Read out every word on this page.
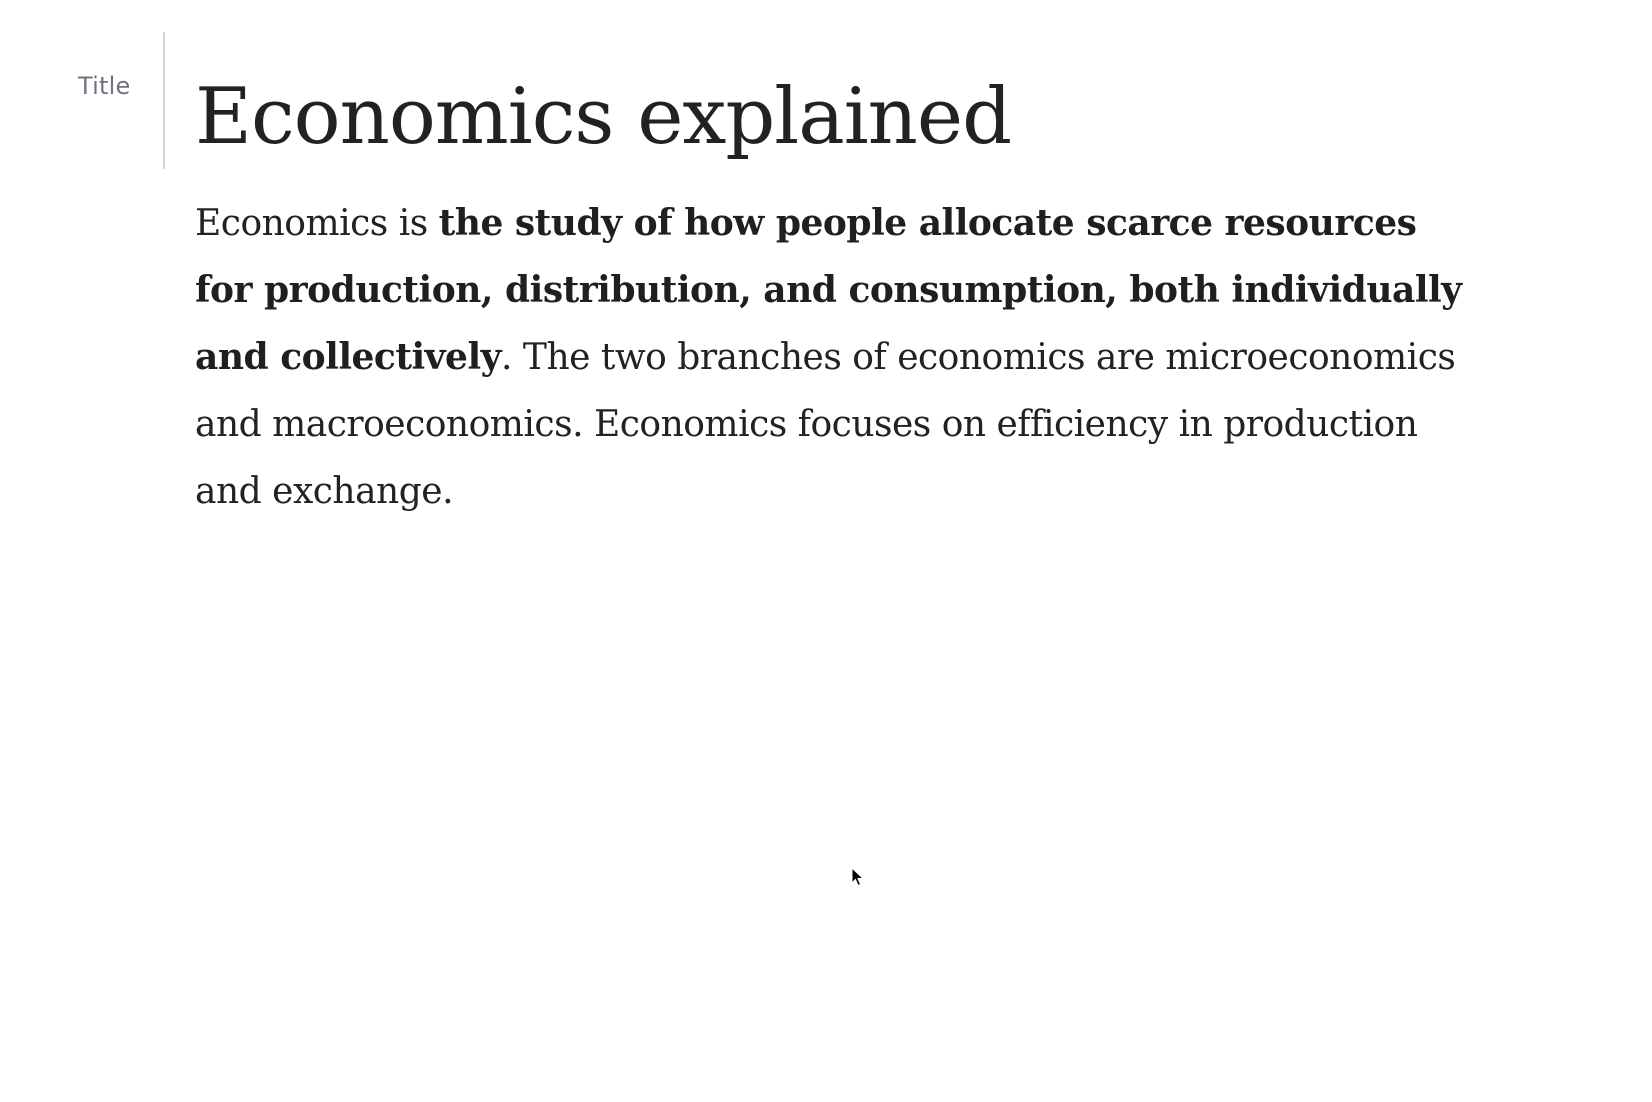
Title Economics explained

Economics is the study of how people allocate scarce resources for production, distribution, and consumption, both individually and collectively. The two branches of economics are microeconomics and macroeconomics. Economics focuses on efficiency in production and exchange.
